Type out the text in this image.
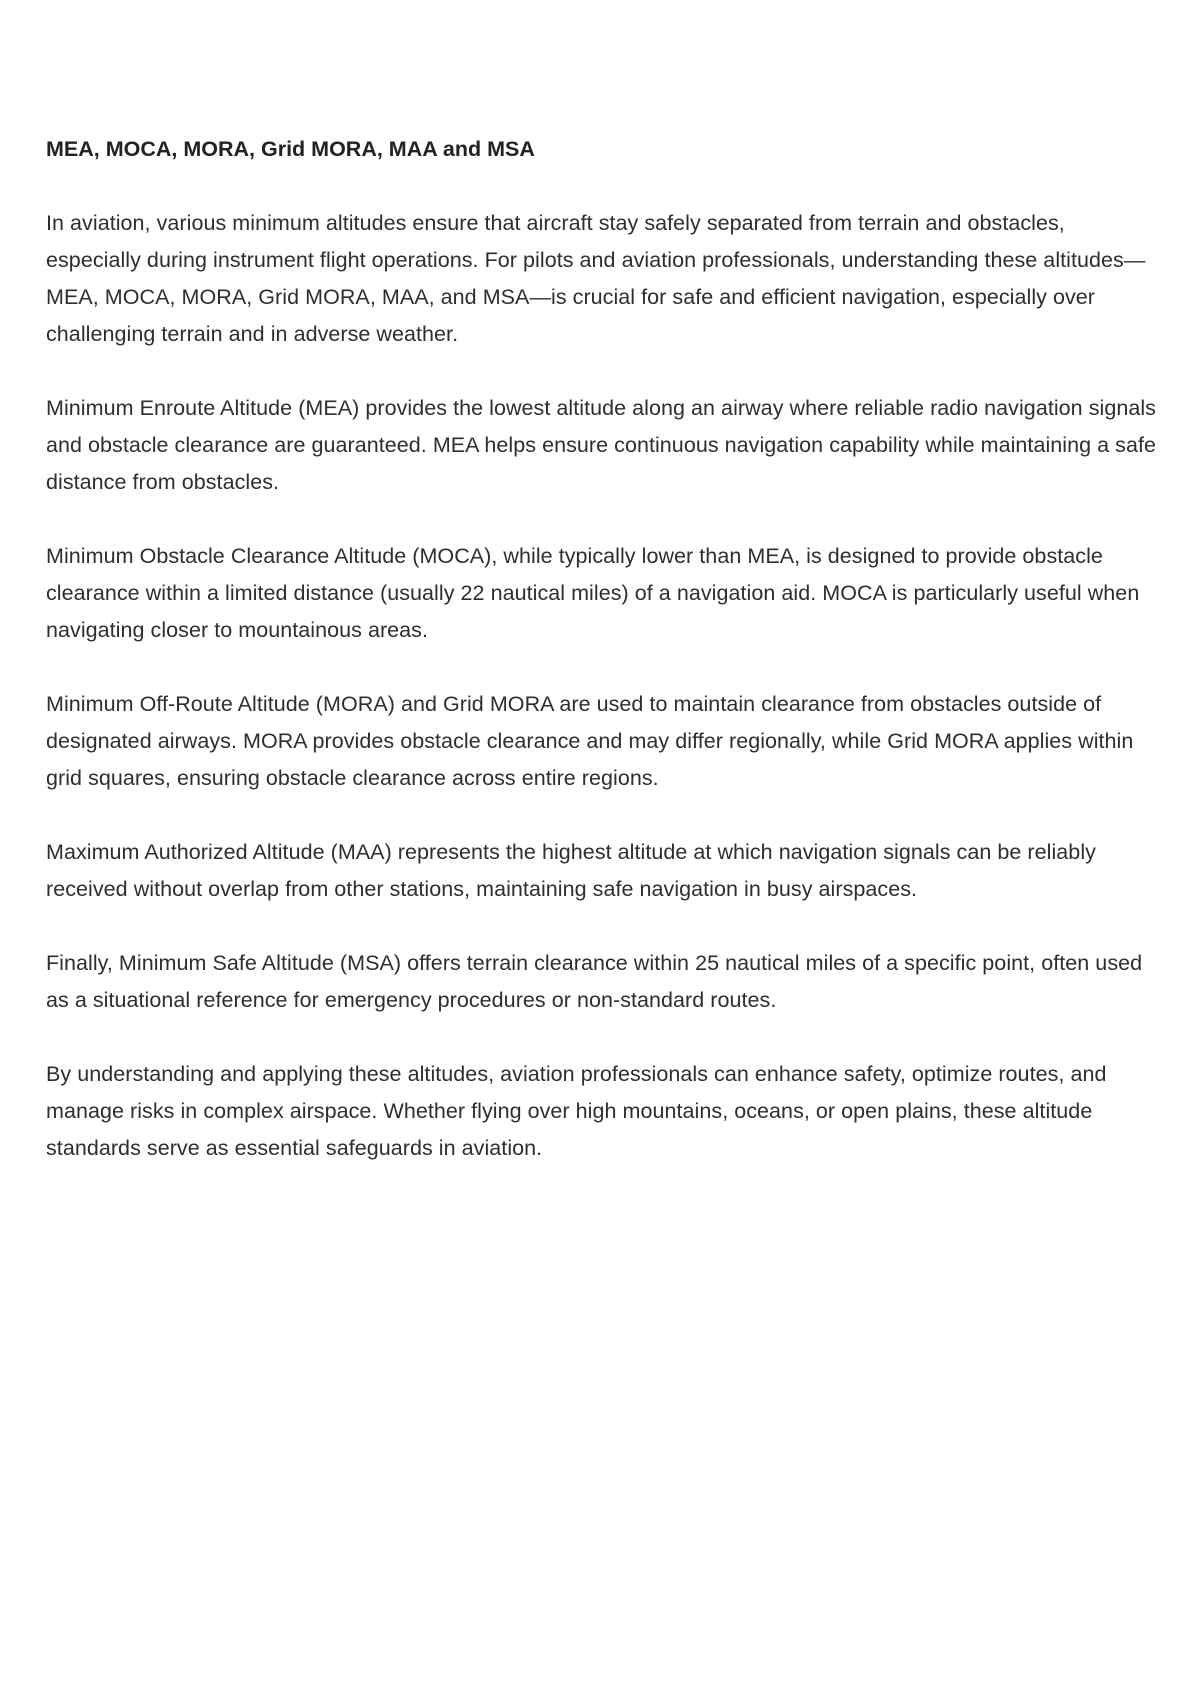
MEA, MOCA, MORA, Grid MORA, MAA and MSA

In aviation, various minimum altitudes ensure that aircraft stay safely separated from terrain and obstacles, especially during instrument flight operations. For pilots and aviation professionals, understanding these altitudes—MEA, MOCA, MORA, Grid MORA, MAA, and MSA—is crucial for safe and efficient navigation, especially over challenging terrain and in adverse weather.

Minimum Enroute Altitude (MEA) provides the lowest altitude along an airway where reliable radio navigation signals and obstacle clearance are guaranteed. MEA helps ensure continuous navigation capability while maintaining a safe distance from obstacles.

Minimum Obstacle Clearance Altitude (MOCA), while typically lower than MEA, is designed to provide obstacle clearance within a limited distance (usually 22 nautical miles) of a navigation aid. MOCA is particularly useful when navigating closer to mountainous areas.

Minimum Off-Route Altitude (MORA) and Grid MORA are used to maintain clearance from obstacles outside of designated airways. MORA provides obstacle clearance and may differ regionally, while Grid MORA applies within grid squares, ensuring obstacle clearance across entire regions.

Maximum Authorized Altitude (MAA) represents the highest altitude at which navigation signals can be reliably received without overlap from other stations, maintaining safe navigation in busy airspaces.

Finally, Minimum Safe Altitude (MSA) offers terrain clearance within 25 nautical miles of a specific point, often used as a situational reference for emergency procedures or non-standard routes.

By understanding and applying these altitudes, aviation professionals can enhance safety, optimize routes, and manage risks in complex airspace. Whether flying over high mountains, oceans, or open plains, these altitude standards serve as essential safeguards in aviation.
